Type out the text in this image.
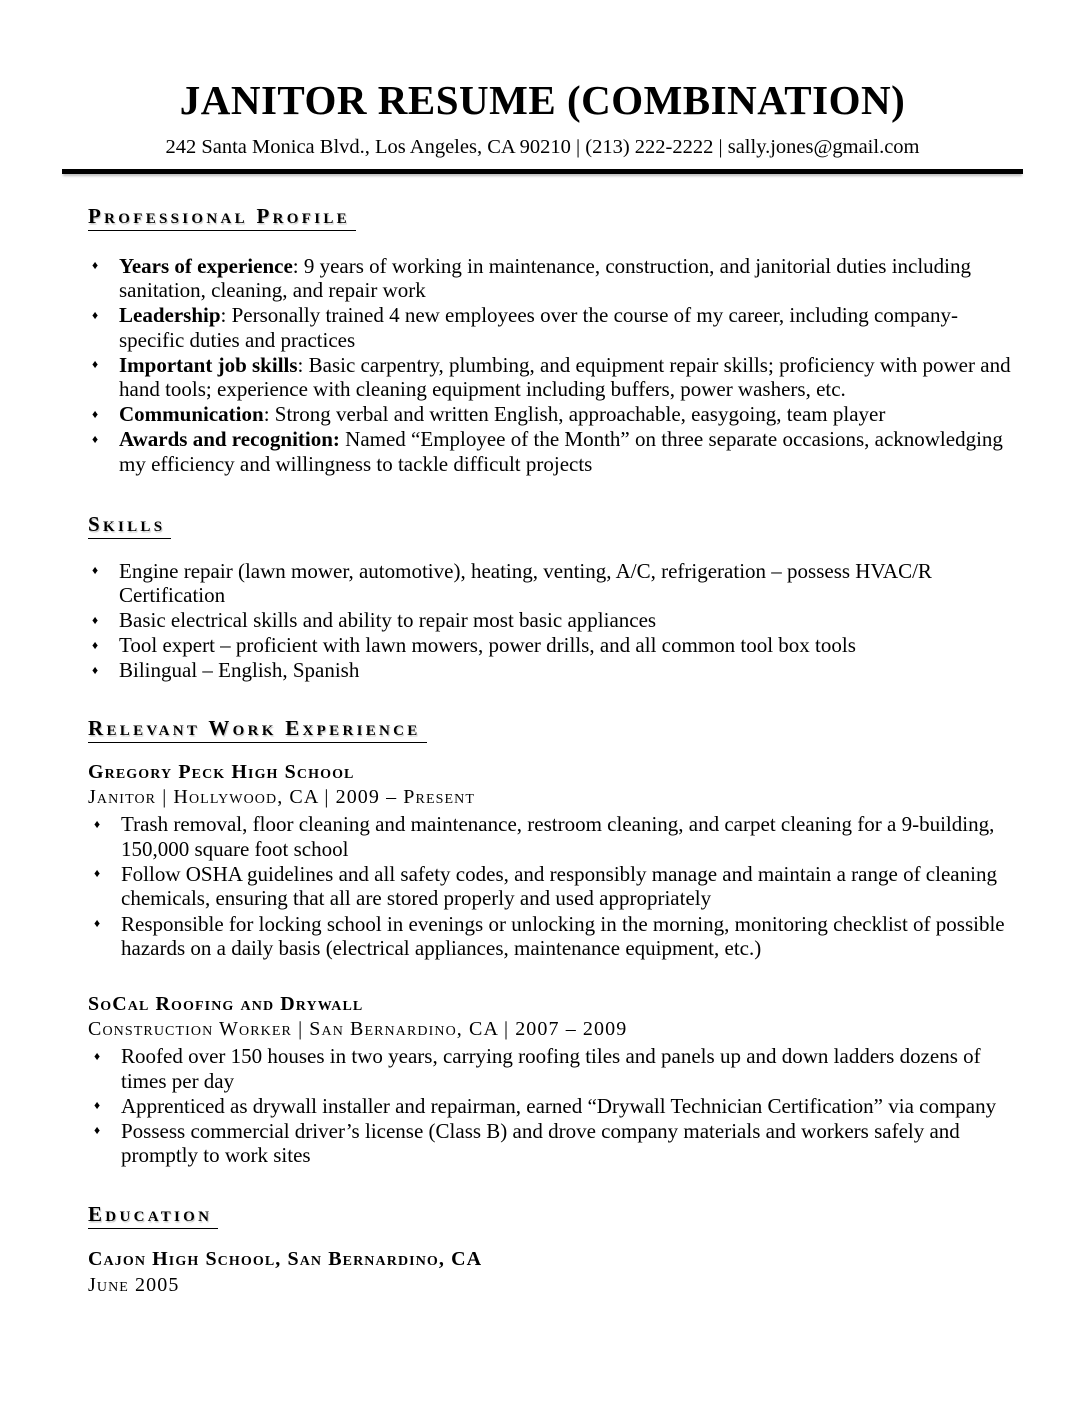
JANITOR RESUME (COMBINATION)
242 Santa Monica Blvd., Los Angeles, CA 90210 | (213) 222-2222 | sally.jones@gmail.com
Professional Profile
♦ Years of experience: 9 years of working in maintenance, construction, and janitorial duties including sanitation, cleaning, and repair work
♦ Leadership: Personally trained 4 new employees over the course of my career, including company-specific duties and practices
♦ Important job skills: Basic carpentry, plumbing, and equipment repair skills; proficiency with power and hand tools; experience with cleaning equipment including buffers, power washers, etc.
♦ Communication: Strong verbal and written English, approachable, easygoing, team player
♦ Awards and recognition: Named “Employee of the Month” on three separate occasions, acknowledging my efficiency and willingness to tackle difficult projects
Skills
♦ Engine repair (lawn mower, automotive), heating, venting, A/C, refrigeration – possess HVAC/R Certification
♦ Basic electrical skills and ability to repair most basic appliances
♦ Tool expert – proficient with lawn mowers, power drills, and all common tool box tools
♦ Bilingual – English, Spanish
Relevant Work Experience
Gregory Peck High School
Janitor | Hollywood, CA | 2009 – Present
♦ Trash removal, floor cleaning and maintenance, restroom cleaning, and carpet cleaning for a 9-building, 150,000 square foot school
♦ Follow OSHA guidelines and all safety codes, and responsibly manage and maintain a range of cleaning chemicals, ensuring that all are stored properly and used appropriately
♦ Responsible for locking school in evenings or unlocking in the morning, monitoring checklist of possible hazards on a daily basis (electrical appliances, maintenance equipment, etc.)
SoCal Roofing and Drywall
Construction Worker | San Bernardino, CA | 2007 – 2009
♦ Roofed over 150 houses in two years, carrying roofing tiles and panels up and down ladders dozens of times per day
♦ Apprenticed as drywall installer and repairman, earned “Drywall Technician Certification” via company
♦ Possess commercial driver’s license (Class B) and drove company materials and workers safely and promptly to work sites
Education
Cajon High School, San Bernardino, CA
June 2005
